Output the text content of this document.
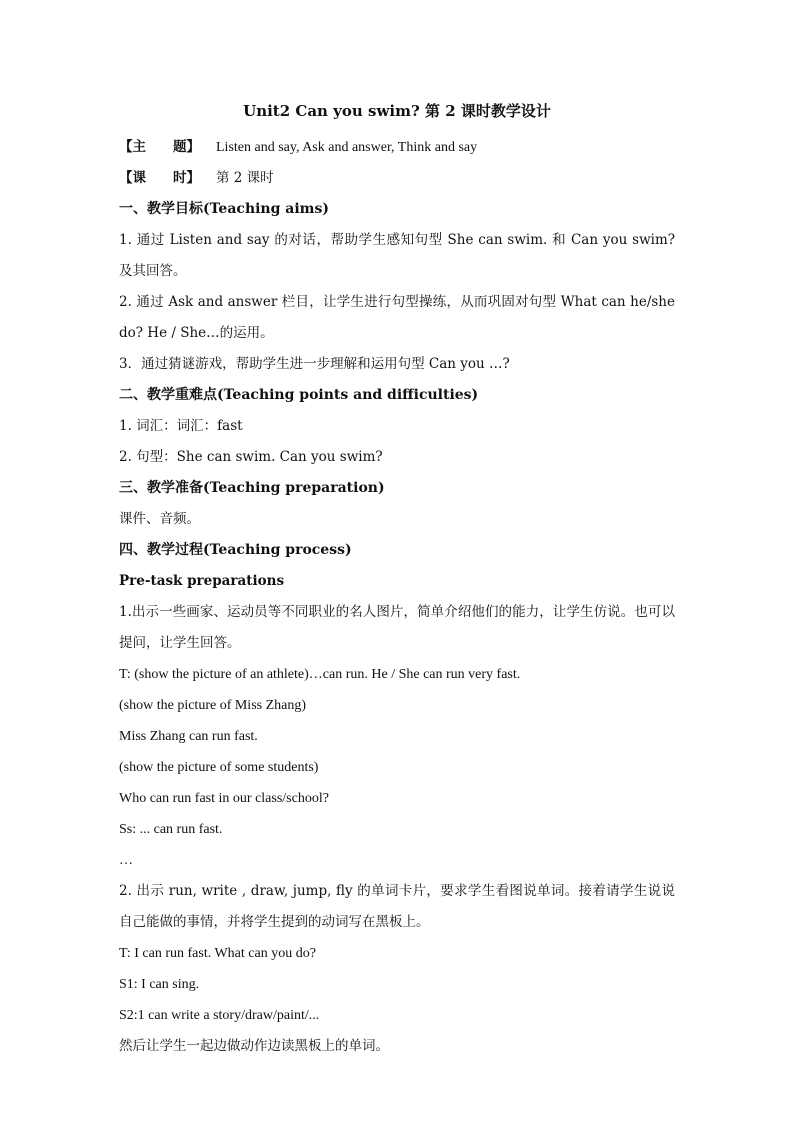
Unit2 Can you swim? 第 2 课时教学设计

【主　　题】 Listen and say, Ask and answer, Think and say

【课　　时】 第 2 课时

一、教学目标(Teaching aims)

1. 通过 Listen and say 的对话，帮助学生感知句型 She can swim. 和 Can you swim? 及其回答。

2. 通过 Ask and answer 栏目，让学生进行句型操练，从而巩固对句型 What can he/she do? He / She…的运用。

3．通过猜谜游戏，帮助学生进一步理解和运用句型 Can you …?

二、教学重难点(Teaching points and difficulties)

1. 词汇：词汇：fast

2. 句型：She can swim. Can you swim?

三、教学准备(Teaching preparation)

课件、音频。

四、教学过程(Teaching process)

Pre-task preparations

1.出示一些画家、运动员等不同职业的名人图片，简单介绍他们的能力，让学生仿说。也可以提问，让学生回答。

T: (show the picture of an athlete)…can run. He / She can run very fast.

(show the picture of Miss Zhang)

Miss Zhang can run fast.

(show the picture of some students)

Who can run fast in our class/school?

Ss: ... can run fast.

…

2. 出示 run, write , draw, jump, fly 的单词卡片，要求学生看图说单词。接着请学生说说自己能做的事情，并将学生提到的动词写在黑板上。

T: I can run fast. What can you do?

S1: I can sing.

S2:1 can write a story/draw/paint/...

然后让学生一起边做动作边读黑板上的单词。
